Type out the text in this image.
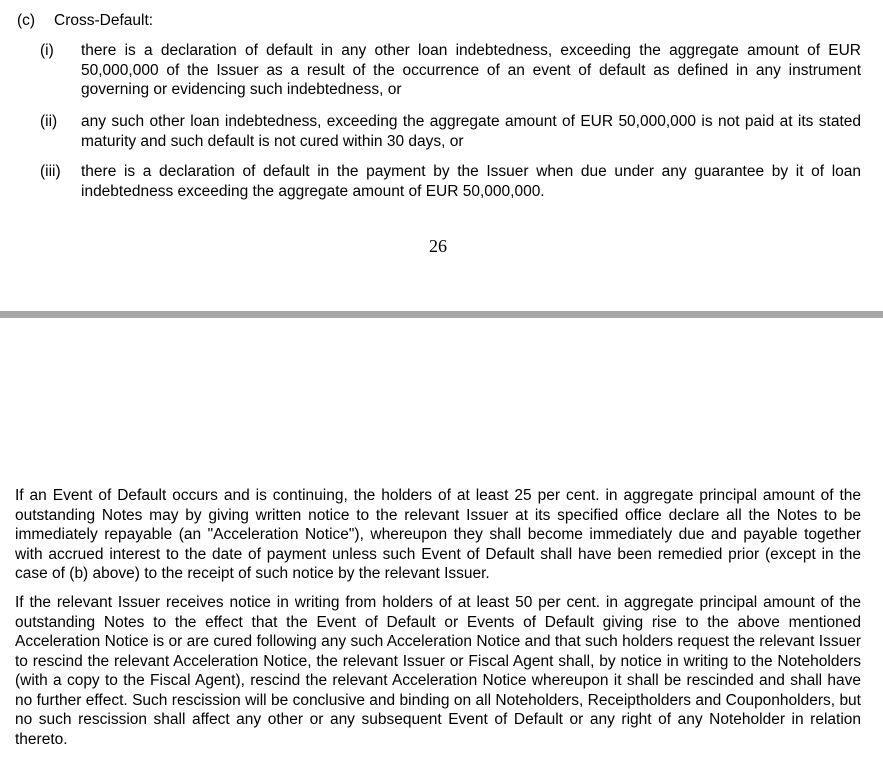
(c) Cross-Default:
(i) there is a declaration of default in any other loan indebtedness, exceeding the aggregate amount of EUR 50,000,000 of the Issuer as a result of the occurrence of an event of default as defined in any instrument governing or evidencing such indebtedness, or
(ii) any such other loan indebtedness, exceeding the aggregate amount of EUR 50,000,000 is not paid at its stated maturity and such default is not cured within 30 days, or
(iii) there is a declaration of default in the payment by the Issuer when due under any guarantee by it of loan indebtedness exceeding the aggregate amount of EUR 50,000,000.
26

If an Event of Default occurs and is continuing, the holders of at least 25 per cent. in aggregate principal amount of the outstanding Notes may by giving written notice to the relevant Issuer at its specified office declare all the Notes to be immediately repayable (an "Acceleration Notice"), whereupon they shall become immediately due and payable together with accrued interest to the date of payment unless such Event of Default shall have been remedied prior (except in the case of (b) above) to the receipt of such notice by the relevant Issuer.

If the relevant Issuer receives notice in writing from holders of at least 50 per cent. in aggregate principal amount of the outstanding Notes to the effect that the Event of Default or Events of Default giving rise to the above mentioned Acceleration Notice is or are cured following any such Acceleration Notice and that such holders request the relevant Issuer to rescind the relevant Acceleration Notice, the relevant Issuer or Fiscal Agent shall, by notice in writing to the Noteholders (with a copy to the Fiscal Agent), rescind the relevant Acceleration Notice whereupon it shall be rescinded and shall have no further effect. Such rescission will be conclusive and binding on all Noteholders, Receiptholders and Couponholders, but no such rescission shall affect any other or any subsequent Event of Default or any right of any Noteholder in relation thereto.
